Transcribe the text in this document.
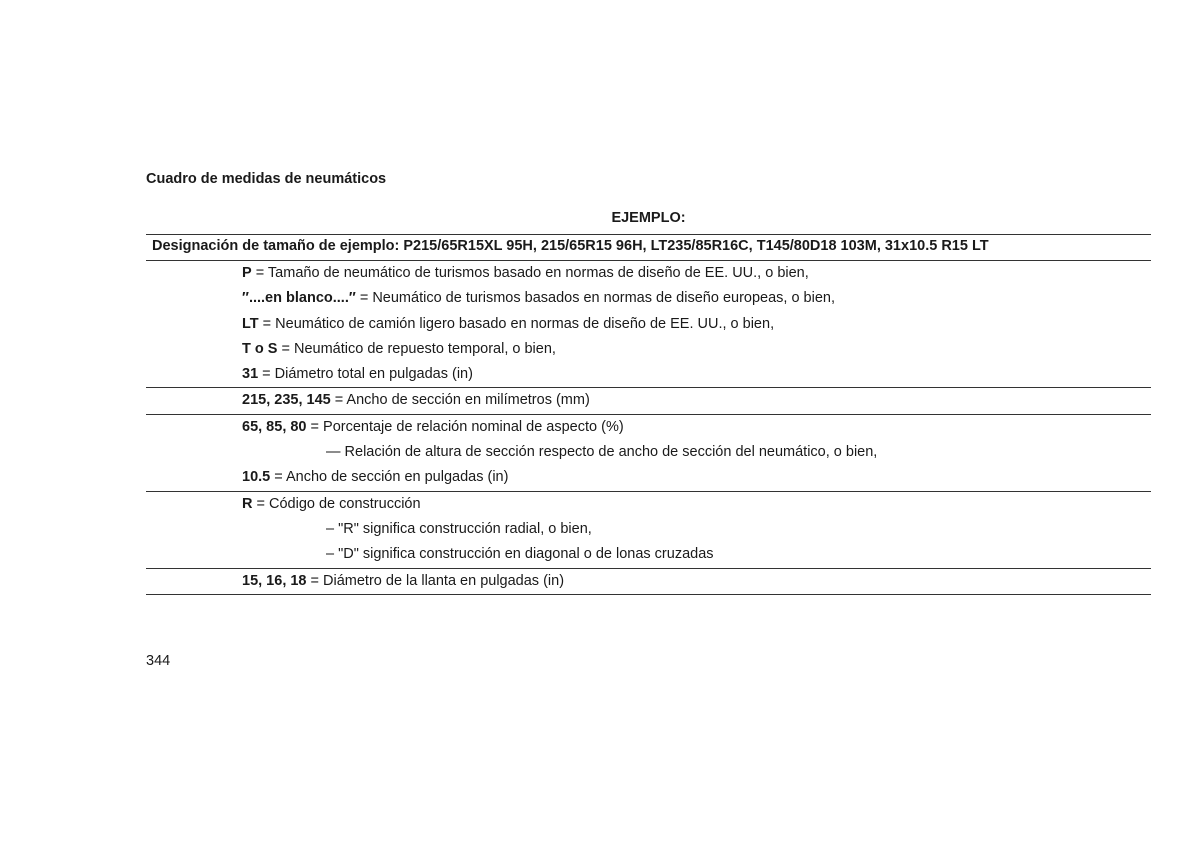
Cuadro de medidas de neumáticos
EJEMPLO:
Designación de tamaño de ejemplo: P215/65R15XL 95H, 215/65R15 96H, LT235/85R16C, T145/80D18 103M, 31x10.5 R15 LT
P = Tamaño de neumático de turismos basado en normas de diseño de EE. UU., o bien,
″....en blanco....″ = Neumático de turismos basados en normas de diseño europeas, o bien,
LT = Neumático de camión ligero basado en normas de diseño de EE. UU., o bien,
T o S = Neumático de repuesto temporal, o bien,
31 = Diámetro total en pulgadas (in)
215, 235, 145 = Ancho de sección en milímetros (mm)
65, 85, 80 = Porcentaje de relación nominal de aspecto (%)
— Relación de altura de sección respecto de ancho de sección del neumático, o bien,
10.5 = Ancho de sección en pulgadas (in)
R = Código de construcción
– "R" significa construcción radial, o bien,
– "D" significa construcción en diagonal o de lonas cruzadas
15, 16, 18 = Diámetro de la llanta en pulgadas (in)
344
